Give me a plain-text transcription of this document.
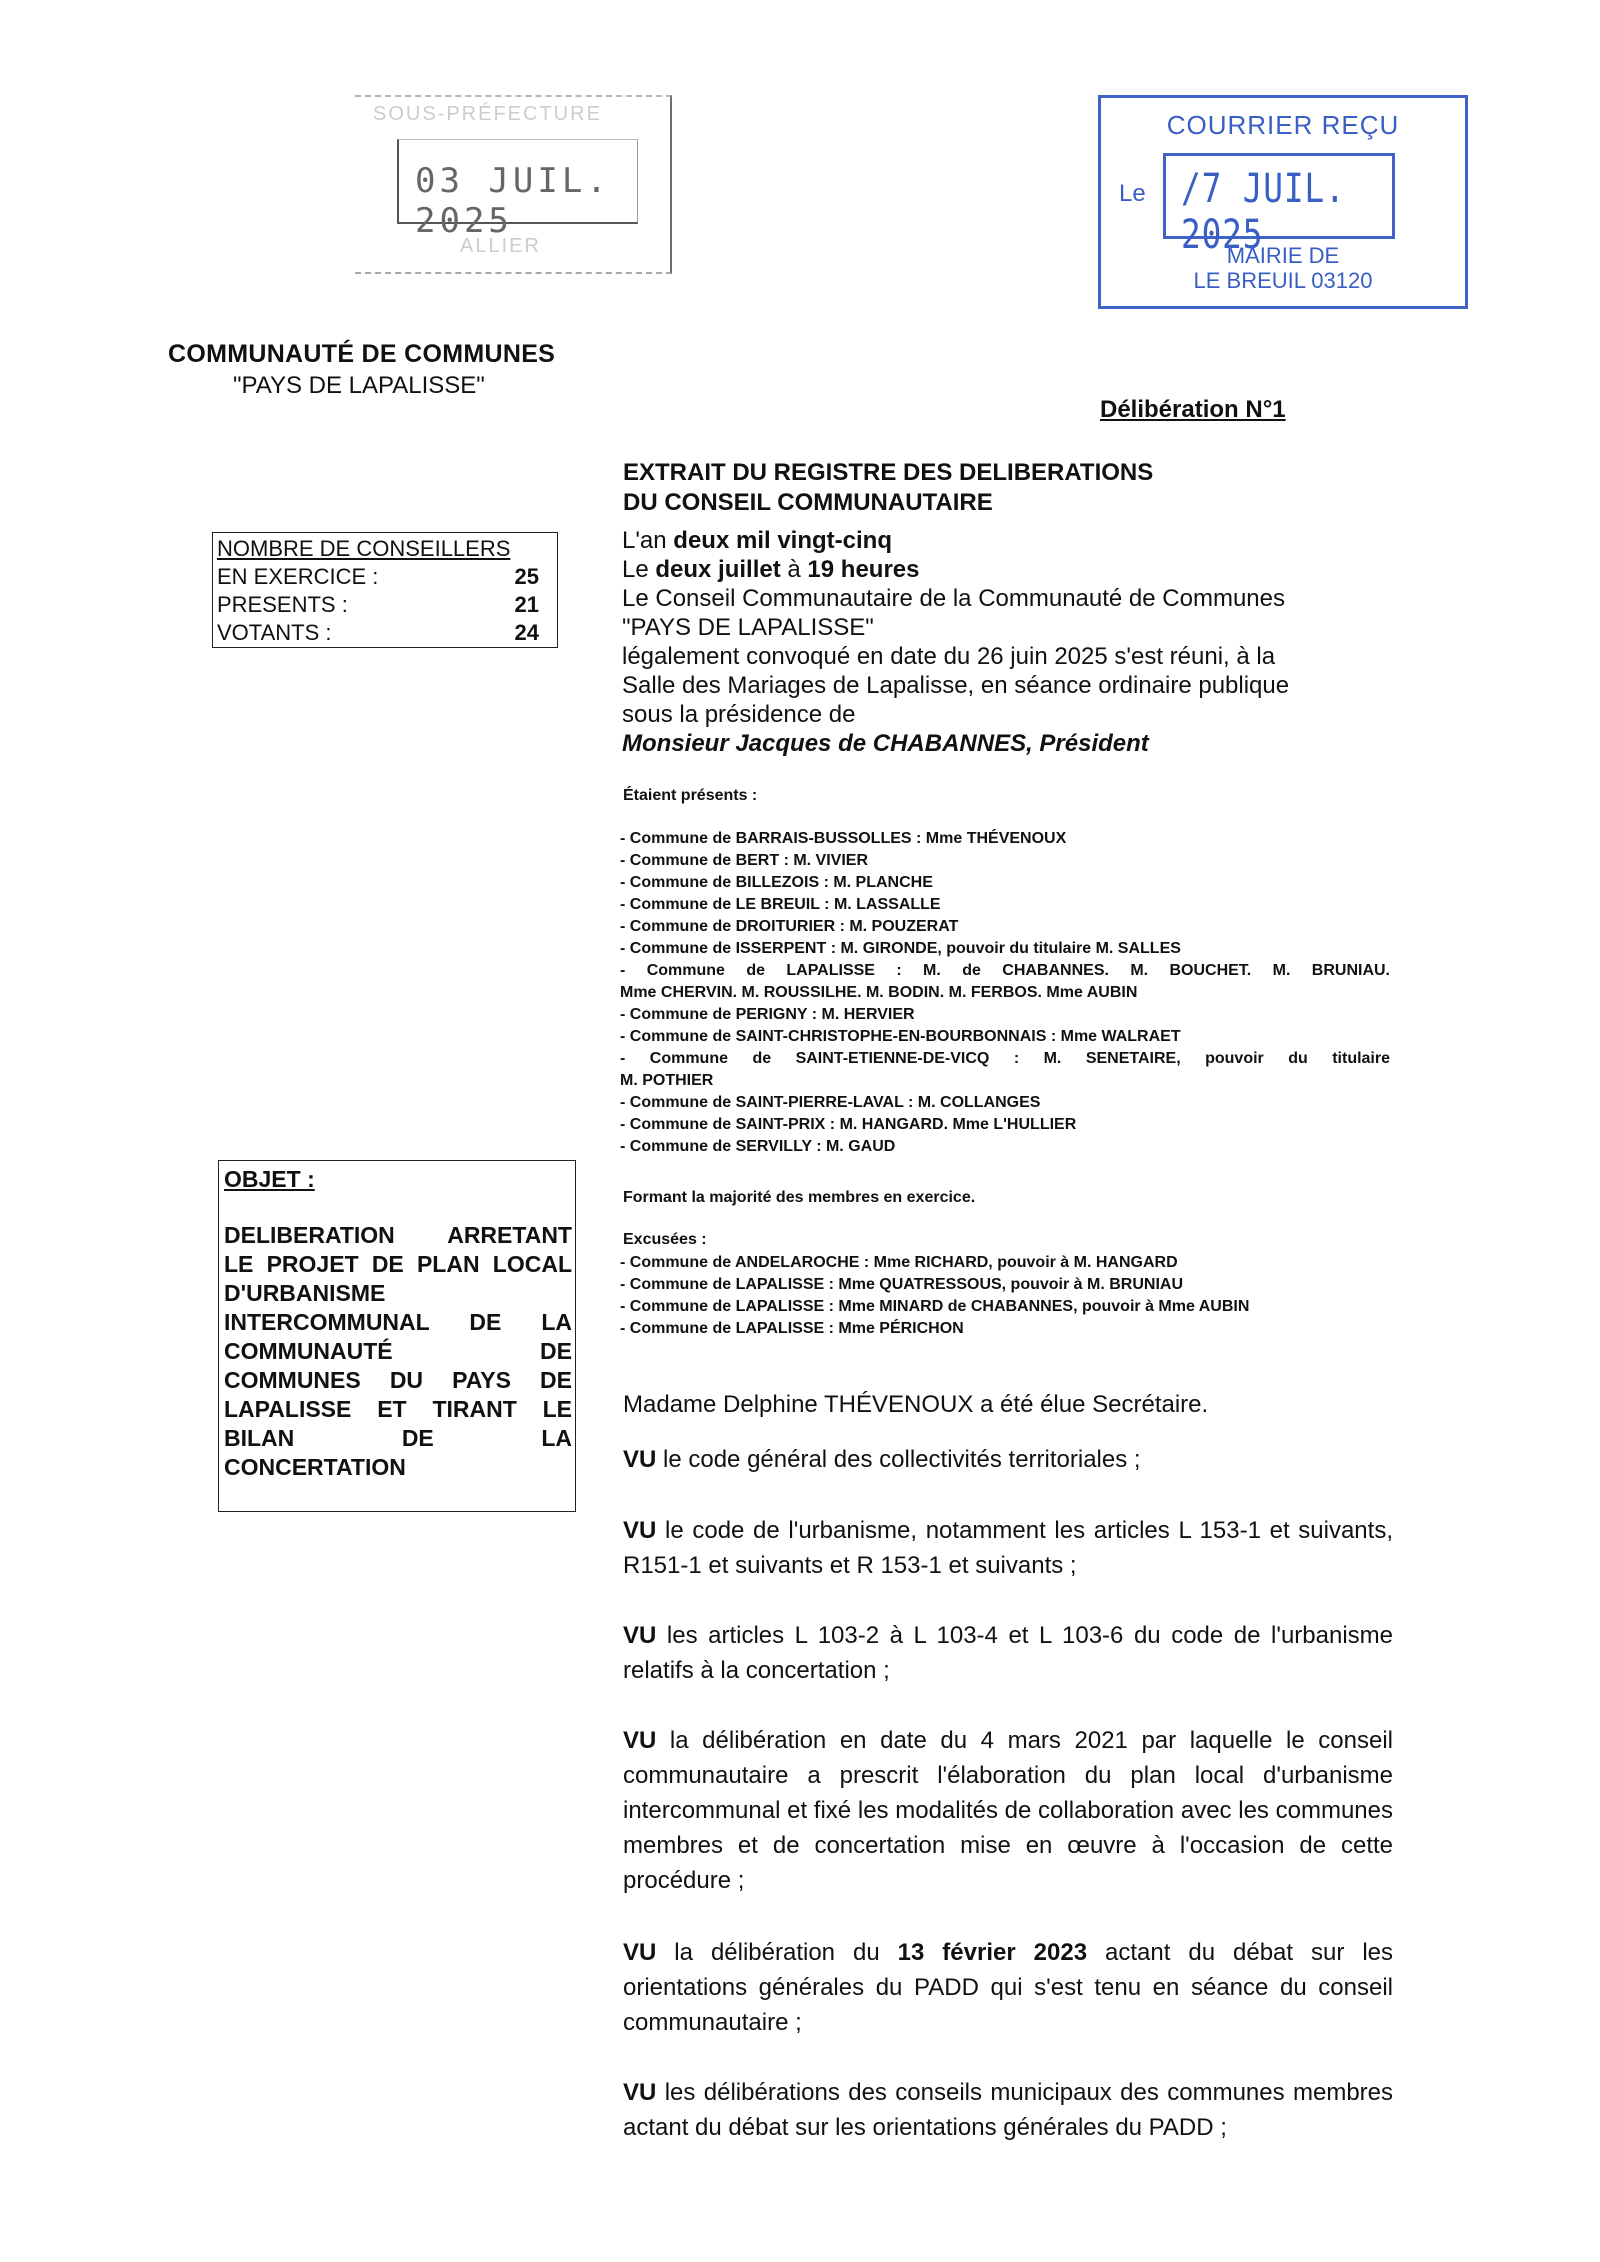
SOUS-PRÉFECTURE
03 JUIL. 2025
ALLIER
COURRIER REÇU
Le /7 JUIL. 2025
MAIRIE DE
LE BREUIL 03120
COMMUNAUTÉ DE COMMUNES
"PAYS DE LAPALISSE"
Délibération N°1
EXTRAIT DU REGISTRE DES DELIBERATIONS
DU CONSEIL COMMUNAUTAIRE
NOMBRE DE CONSEILLERS
EN EXERCICE :	25
PRESENTS :	21
VOTANTS :	24
OBJET :
DELIBERATION ARRETANT
LE PROJET DE PLAN LOCAL
D'URBANISME
INTERCOMMUNAL DE LA
COMMUNAUTÉ DE
COMMUNES DU PAYS DE
LAPALISSE ET TIRANT LE
BILAN DE LA
CONCERTATION
L'an deux mil vingt-cinq
Le deux juillet à 19 heures
Le Conseil Communautaire de la Communauté de Communes
"PAYS DE LAPALISSE"
légalement convoqué en date du 26 juin 2025 s'est réuni, à la
Salle des Mariages de Lapalisse, en séance ordinaire publique
sous la présidence de
Monsieur Jacques de CHABANNES, Président
Étaient présents :
- Commune de BARRAIS-BUSSOLLES : Mme THÉVENOUX
- Commune de BERT : M. VIVIER
- Commune de BILLEZOIS : M. PLANCHE
- Commune de LE BREUIL : M. LASSALLE
- Commune de DROITURIER : M. POUZERAT
- Commune de ISSERPENT : M. GIRONDE, pouvoir du titulaire M. SALLES
- Commune de LAPALISSE : M. de CHABANNES. M. BOUCHET. M. BRUNIAU.
Mme CHERVIN. M. ROUSSILHE. M. BODIN. M. FERBOS. Mme AUBIN
- Commune de PERIGNY : M. HERVIER
- Commune de SAINT-CHRISTOPHE-EN-BOURBONNAIS : Mme WALRAET
- Commune de SAINT-ETIENNE-DE-VICQ : M. SENETAIRE, pouvoir du titulaire
M. POTHIER
- Commune de SAINT-PIERRE-LAVAL : M. COLLANGES
- Commune de SAINT-PRIX : M. HANGARD. Mme L'HULLIER
- Commune de SERVILLY : M. GAUD
Formant la majorité des membres en exercice.
Excusées :
- Commune de ANDELAROCHE : Mme RICHARD, pouvoir à M. HANGARD
- Commune de LAPALISSE : Mme QUATRESSOUS, pouvoir à M. BRUNIAU
- Commune de LAPALISSE : Mme MINARD de CHABANNES, pouvoir à Mme AUBIN
- Commune de LAPALISSE : Mme PÉRICHON
Madame Delphine THÉVENOUX a été élue Secrétaire.
VU le code général des collectivités territoriales ;
VU le code de l'urbanisme, notamment les articles L 153-1 et suivants, R151-1 et suivants et R 153-1 et suivants ;
VU les articles L 103-2 à L 103-4 et L 103-6 du code de l'urbanisme relatifs à la concertation ;
VU la délibération en date du 4 mars 2021 par laquelle le conseil communautaire a prescrit l'élaboration du plan local d'urbanisme intercommunal et fixé les modalités de collaboration avec les communes membres et de concertation mise en œuvre à l'occasion de cette procédure ;
VU la délibération du 13 février 2023 actant du débat sur les orientations générales du PADD qui s'est tenu en séance du conseil communautaire ;
VU les délibérations des conseils municipaux des communes membres actant du débat sur les orientations générales du PADD ;
